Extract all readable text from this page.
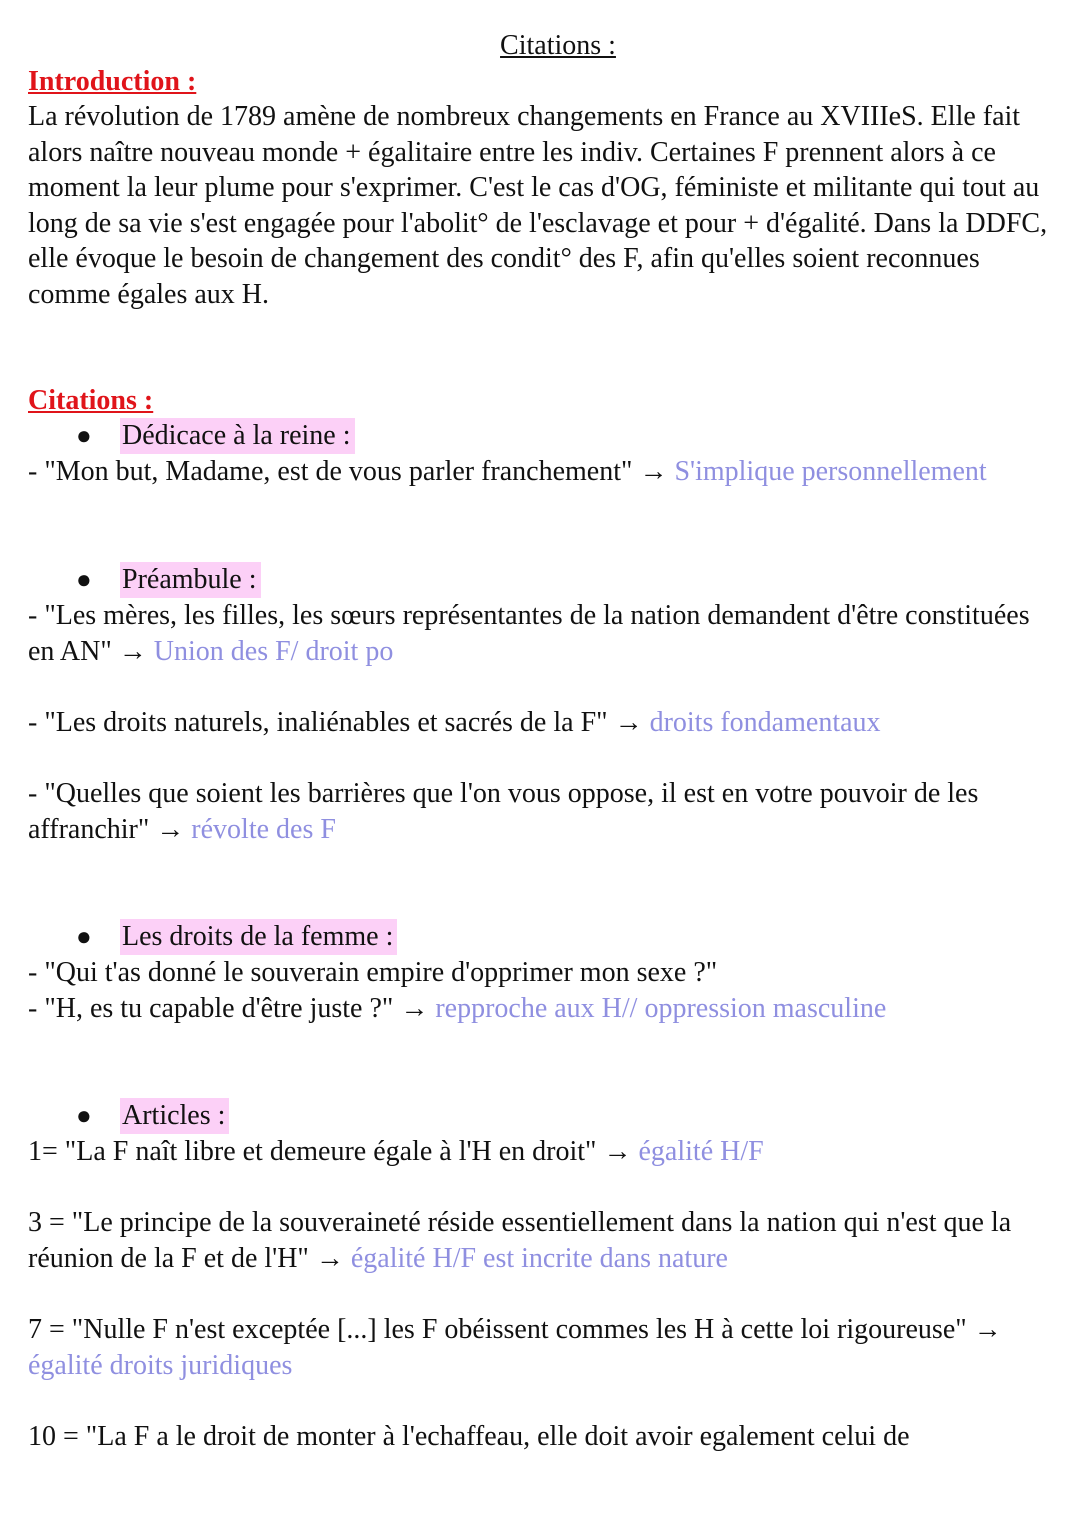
Citations :

Introduction :

La révolution de 1789 amène de nombreux changements en France au XVIIIeS. Elle fait alors naître nouveau monde + égalitaire entre les indiv. Certaines F prennent alors à ce moment la leur plume pour s'exprimer. C'est le cas d'OG, féministe et militante qui tout au long de sa vie s'est engagée pour l'abolit° de l'esclavage et pour + d'égalité. Dans la DDFC, elle évoque le besoin de changement des condit° des F, afin qu'elles soient reconnues comme égales aux H.

Citations :

●	Dédicace à la reine :

- "Mon but, Madame, est de vous parler franchement" → S'implique personnellement

●	Préambule :

- "Les mères, les filles, les sœurs représentantes de la nation demandent d'être constituées en AN" → Union des F/ droit po

- "Les droits naturels, inaliénables et sacrés de la F" → droits fondamentaux

- "Quelles que soient les barrières que l'on vous oppose, il est en votre pouvoir de les affranchir" → révolte des F

●	Les droits de la femme :

- "Qui t'as donné le souverain empire d'opprimer mon sexe ?"

- "H, es tu capable d'être juste ?" → repproche aux H// oppression masculine

●	Articles :

1= "La F naît libre et demeure égale à l'H en droit" → égalité H/F

3 = "Le principe de la souveraineté réside essentiellement dans la nation qui n'est que la réunion de la F et de l'H" → égalité H/F est incrite dans nature

7 = "Nulle F n'est exceptée [...] les F obéissent commes les H à cette loi rigoureuse" → égalité droits juridiques

10 = "La F a le droit de monter à l'echaffeau, elle doit avoir egalement celui de
